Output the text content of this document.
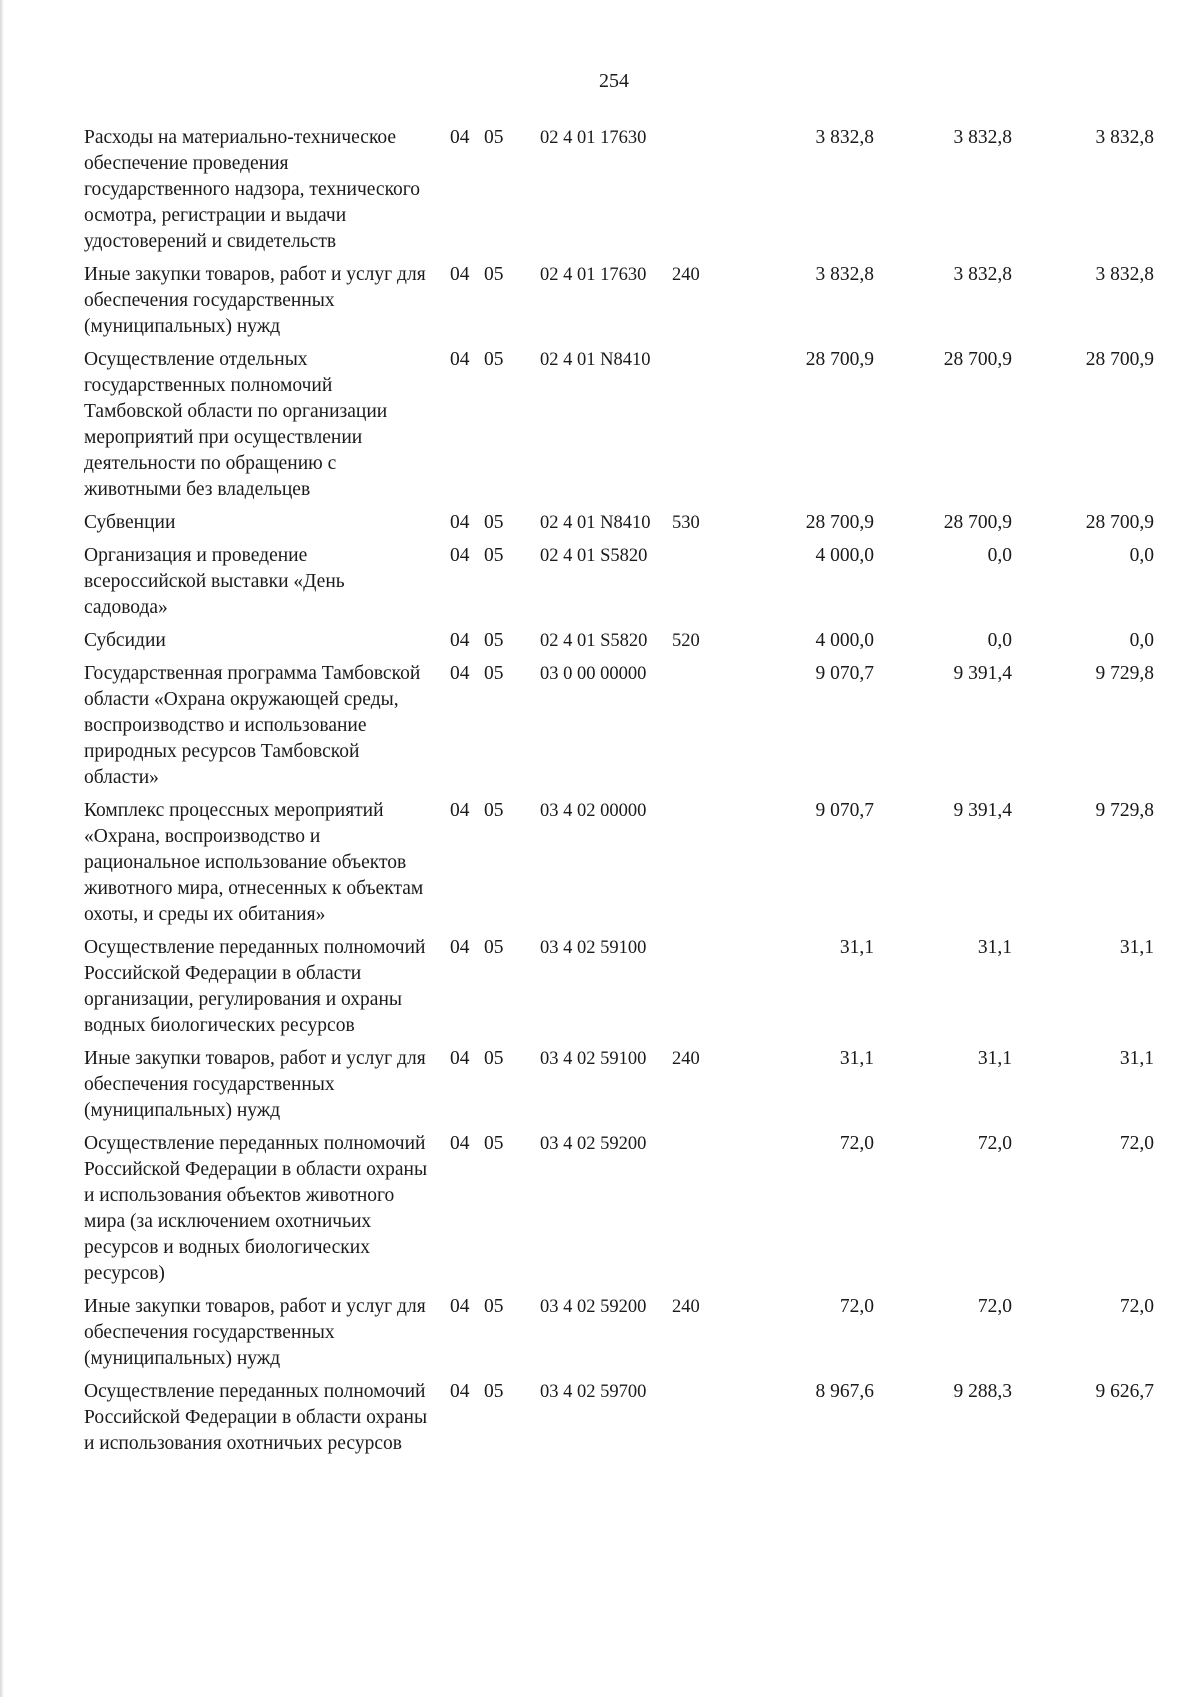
254
Расходы на материально-техническое обеспечение проведения государственного надзора, технического осмотра, регистрации и выдачи удостоверений и свидетельств	04	05	02 4 01 17630		3 832,8	3 832,8	3 832,8
Иные закупки товаров, работ и услуг для обеспечения государственных (муниципальных) нужд	04	05	02 4 01 17630	240	3 832,8	3 832,8	3 832,8
Осуществление отдельных государственных полномочий Тамбовской области по организации мероприятий при осуществлении деятельности по обращению с животными без владельцев	04	05	02 4 01 N8410		28 700,9	28 700,9	28 700,9
Субвенции	04	05	02 4 01 N8410	530	28 700,9	28 700,9	28 700,9
Организация и проведение всероссийской выставки «День садовода»	04	05	02 4 01 S5820		4 000,0	0,0	0,0
Субсидии	04	05	02 4 01 S5820	520	4 000,0	0,0	0,0
Государственная программа Тамбовской области «Охрана окружающей среды, воспроизводство и использование природных ресурсов Тамбовской области»	04	05	03 0 00 00000		9 070,7	9 391,4	9 729,8
Комплекс процессных мероприятий «Охрана, воспроизводство и рациональное использование объектов животного мира, отнесенных к объектам охоты, и среды их обитания»	04	05	03 4 02 00000		9 070,7	9 391,4	9 729,8
Осуществление переданных полномочий Российской Федерации в области организации, регулирования и охраны водных биологических ресурсов	04	05	03 4 02 59100		31,1	31,1	31,1
Иные закупки товаров, работ и услуг для обеспечения государственных (муниципальных) нужд	04	05	03 4 02 59100	240	31,1	31,1	31,1
Осуществление переданных полномочий Российской Федерации в области охраны и использования объектов животного мира (за исключением охотничьих ресурсов и водных биологических ресурсов)	04	05	03 4 02 59200		72,0	72,0	72,0
Иные закупки товаров, работ и услуг для обеспечения государственных (муниципальных) нужд	04	05	03 4 02 59200	240	72,0	72,0	72,0
Осуществление переданных полномочий Российской Федерации в области охраны и использования охотничьих ресурсов	04	05	03 4 02 59700		8 967,6	9 288,3	9 626,7
